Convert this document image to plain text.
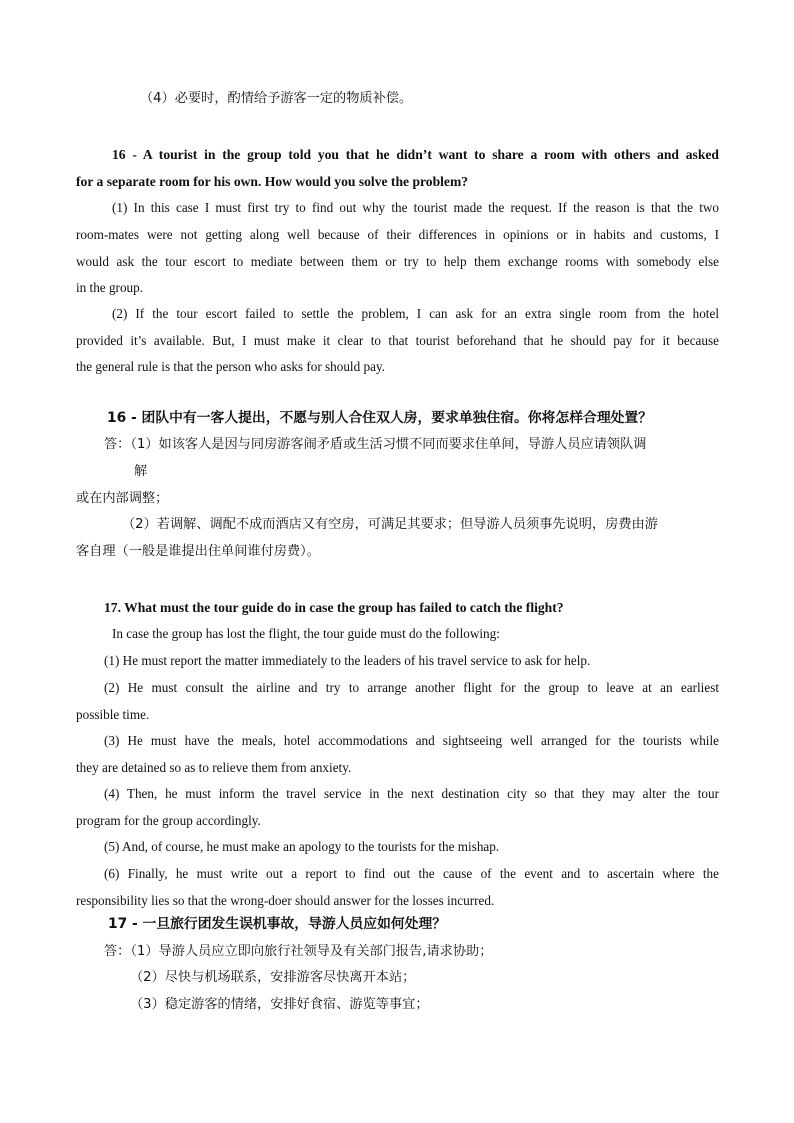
（4）必要时，酌情给予游客一定的物质补偿。
16 - A tourist in the group told you that he didn’t want to share a room with others and asked
for a separate room for his own. How would you solve the problem?
(1) In this case I must first try to find out why the tourist made the request. If the reason is that the two
room-mates were not getting along well because of their differences in opinions or in habits and customs, I
would ask the tour escort to mediate between them or try to help them exchange rooms with somebody else
in the group.
(2) If the tour escort failed to settle the problem, I can ask for an extra single room from the hotel
provided it’s available. But, I must make it clear to that tourist beforehand that he should pay for it because
the general rule is that the person who asks for should pay.
16 - 团队中有一客人提出，不愿与别人合住双人房，要求单独住宿。你将怎样合理处置？
答：（1）如该客人是因与同房游客闹矛盾或生活习惯不同而要求住单间，导游人员应请领队调
解
或在内部调整；
（2）若调解、调配不成而酒店又有空房，可满足其要求；但导游人员须事先说明，房费由游
客自理（一般是谁提出住单间谁付房费）。
17. What must the tour guide do in case the group has failed to catch the flight?
In case the group has lost the flight, the tour guide must do the following:
(1) He must report the matter immediately to the leaders of his travel service to ask for help.
(2) He must consult the airline and try to arrange another flight for the group to leave at an earliest
possible time.
(3) He must have the meals, hotel accommodations and sightseeing well arranged for the tourists while
they are detained so as to relieve them from anxiety.
(4) Then, he must inform the travel service in the next destination city so that they may alter the tour
program for the group accordingly.
(5) And, of course, he must make an apology to the tourists for the mishap.
(6) Finally, he must write out a report to find out the cause of the event and to ascertain where the
responsibility lies so that the wrong-doer should answer for the losses incurred.
17 - 一旦旅行团发生误机事故，导游人员应如何处理？
答：（1）导游人员应立即向旅行社领导及有关部门报告,请求协助；
（2）尽快与机场联系，安排游客尽快离开本站；
（3）稳定游客的情绪，安排好食宿、游览等事宜；
